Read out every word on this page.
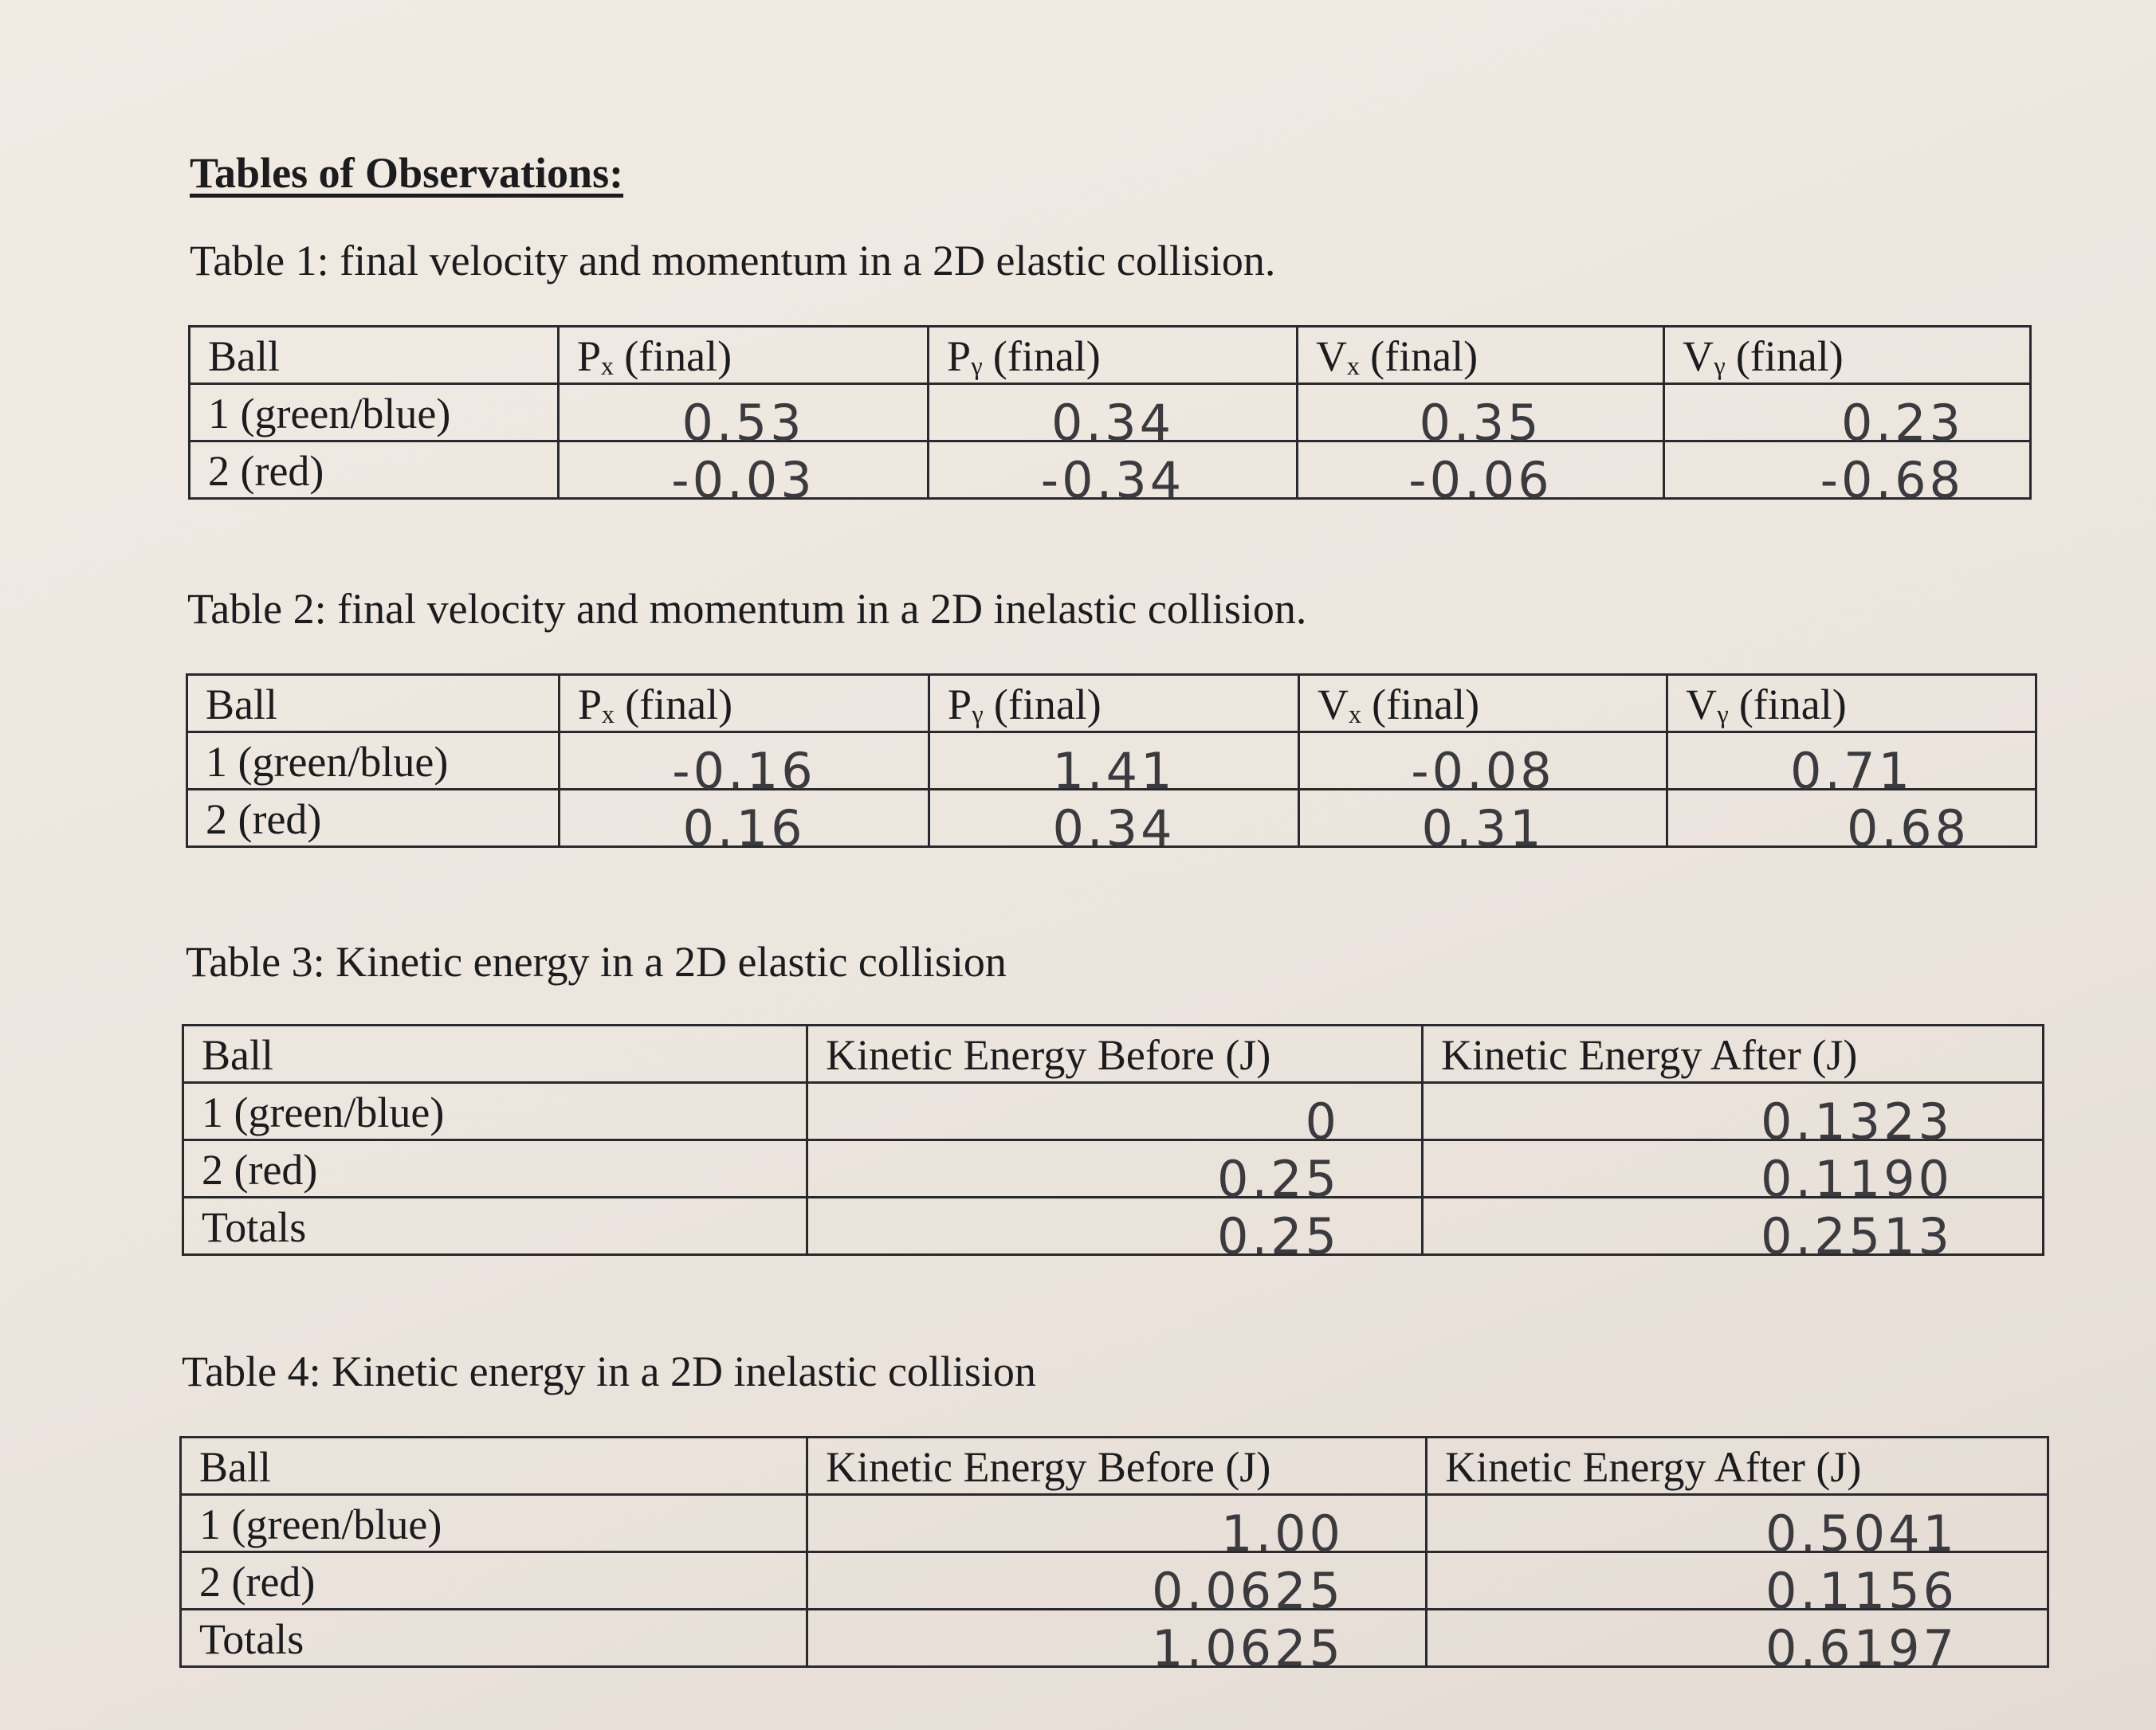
Tables of Observations:

Table 1: final velocity and momentum in a 2D elastic collision.

Ball	Pₓ (final)	Pᵧ (final)	Vₓ (final)	Vᵧ (final)
1 (green/blue)	0.53	0.34	0.35	0.23

2 (red)	-0.03	-0.34	-0.06	-0.68

Table 2: final velocity and momentum in a 2D inelastic collision.

Ball	Pₓ (final)	Pᵧ (final)	Vₓ (final)	Vᵧ (final)
1 (green/blue)	-0.16	1.41	-0.08	0.71

2 (red)	0.16	0.34	0.31	0.68

Table 3: Kinetic energy in a 2D elastic collision

Ball	Kinetic Energy Before (J)	Kinetic Energy After (J)
1 (green/blue)	0	0.1323

2 (red)	0.25	0.1190

Totals	0.25	0.2513

Table 4: Kinetic energy in a 2D inelastic collision

Ball	Kinetic Energy Before (J)	Kinetic Energy After (J)
1 (green/blue)	1.00	0.5041

2 (red)	0.0625	0.1156

Totals	1.0625	0.6197
